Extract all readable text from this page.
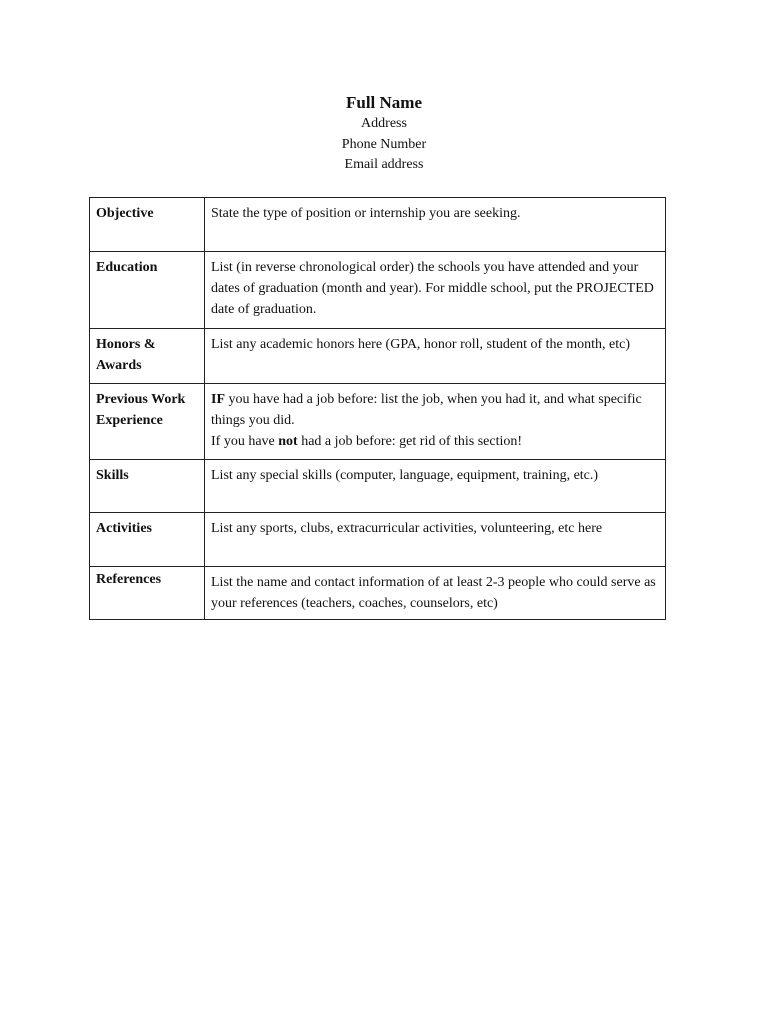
Full Name

Address

Phone Number

Email address

Objective	State the type of position or internship you are seeking.
Education	List (in reverse chronological order) the schools you have attended and your dates of graduation (month and year). For middle school, put the PROJECTED date of graduation.
Honors & Awards	List any academic honors here (GPA, honor roll, student of the month, etc)
Previous Work Experience	IF you have had a job before: list the job, when you had it, and what specific things you did.
If you have not had a job before: get rid of this section!
Skills	List any special skills (computer, language, equipment, training, etc.)
Activities	List any sports, clubs, extracurricular activities, volunteering, etc here
References	List the name and contact information of at least 2-3 people who could serve as your references (teachers, coaches, counselors, etc)
